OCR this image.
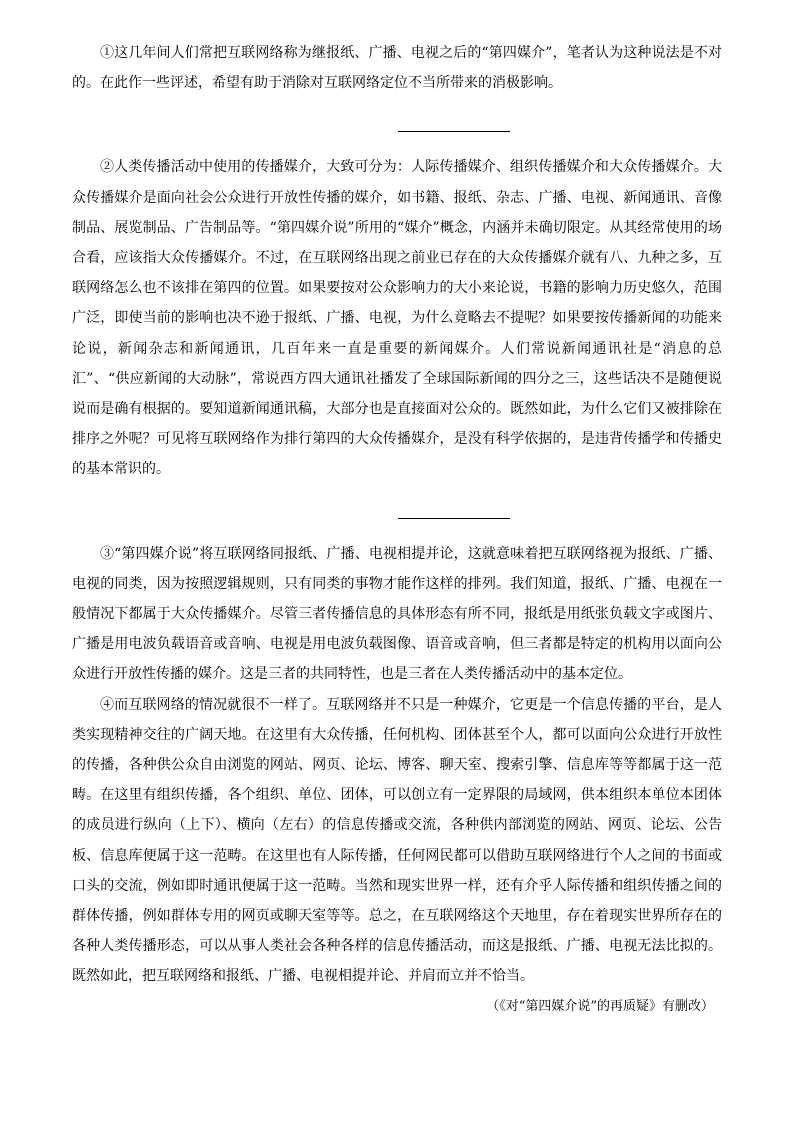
①这几年间人们常把互联网络称为继报纸、广播、电视之后的“第四媒介”，笔者认为这种说法是不对的。在此作一些评述，希望有助于消除对互联网络定位不当所带来的消极影响。

②人类传播活动中使用的传播媒介，大致可分为：人际传播媒介、组织传播媒介和大众传播媒介。大众传播媒介是面向社会公众进行开放性传播的媒介，如书籍、报纸、杂志、广播、电视、新闻通讯、音像制品、展览制品、广告制品等。“第四媒介说”所用的“媒介”概念，内涵并未确切限定。从其经常使用的场合看，应该指大众传播媒介。不过，在互联网络出现之前业已存在的大众传播媒介就有八、九种之多，互联网络怎么也不该排在第四的位置。如果要按对公众影响力的大小来论说，书籍的影响力历史悠久，范围广泛，即使当前的影响也决不逊于报纸、广播、电视，为什么竟略去不提呢？如果要按传播新闻的功能来论说，新闻杂志和新闻通讯，几百年来一直是重要的新闻媒介。人们常说新闻通讯社是“消息的总汇”、“供应新闻的大动脉”，常说西方四大通讯社播发了全球国际新闻的四分之三，这些话决不是随便说说而是确有根据的。要知道新闻通讯稿，大部分也是直接面对公众的。既然如此，为什么它们又被排除在排序之外呢？可见将互联网络作为排行第四的大众传播媒介，是没有科学依据的，是违背传播学和传播史的基本常识的。

③“第四媒介说”将互联网络同报纸、广播、电视相提并论，这就意味着把互联网络视为报纸、广播、电视的同类，因为按照逻辑规则，只有同类的事物才能作这样的排列。我们知道，报纸、广播、电视在一般情况下都属于大众传播媒介。尽管三者传播信息的具体形态有所不同，报纸是用纸张负载文字或图片、广播是用电波负载语音或音响、电视是用电波负载图像、语音或音响，但三者都是特定的机构用以面向公众进行开放性传播的媒介。这是三者的共同特性，也是三者在人类传播活动中的基本定位。

④而互联网络的情况就很不一样了。互联网络并不只是一种媒介，它更是一个信息传播的平台，是人类实现精神交往的广阔天地。在这里有大众传播，任何机构、团体甚至个人，都可以面向公众进行开放性的传播，各种供公众自由浏览的网站、网页、论坛、博客、聊天室、搜索引擎、信息库等等都属于这一范畴。在这里有组织传播，各个组织、单位、团体，可以创立有一定界限的局域网，供本组织本单位本团体的成员进行纵向（上下）、横向（左右）的信息传播或交流，各种供内部浏览的网站、网页、论坛、公告板、信息库便属于这一范畴。在这里也有人际传播，任何网民都可以借助互联网络进行个人之间的书面或口头的交流，例如即时通讯便属于这一范畴。当然和现实世界一样，还有介乎人际传播和组织传播之间的群体传播，例如群体专用的网页或聊天室等等。总之，在互联网络这个天地里，存在着现实世界所存在的各种人类传播形态，可以从事人类社会各种各样的信息传播活动，而这是报纸、广播、电视无法比拟的。既然如此，把互联网络和报纸、广播、电视相提并论、并肩而立并不恰当。

（《对“第四媒介说”的再质疑》有删改）
